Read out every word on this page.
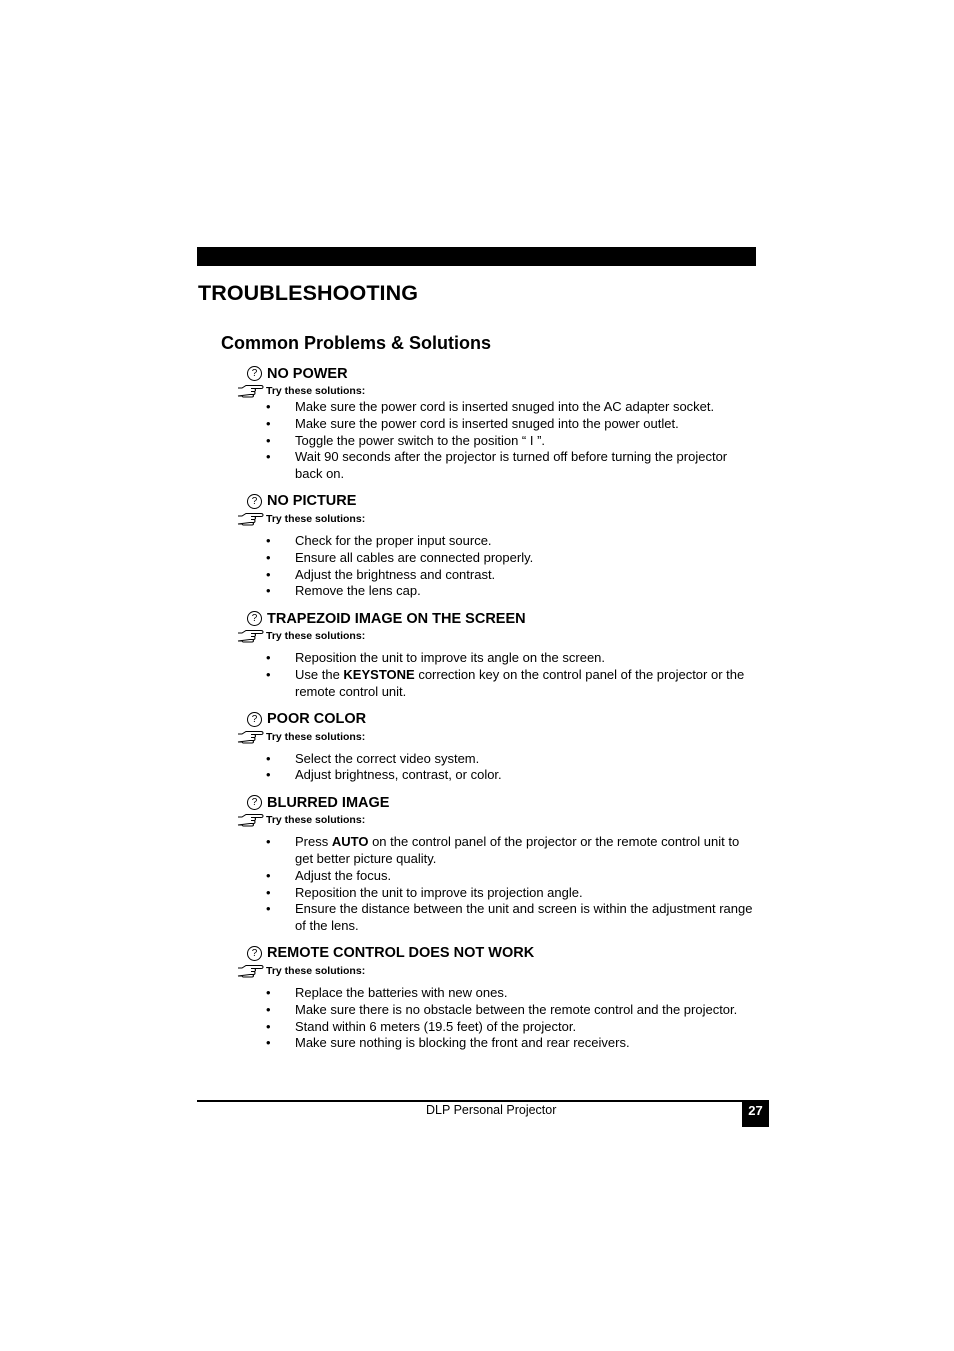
TROUBLESHOOTING
Common Problems & Solutions
? NO POWER
Try these solutions:
• Make sure the power cord is inserted snuged into the AC adapter socket.
• Make sure the power cord is inserted snuged into the power outlet.
• Toggle the power switch to the position “ I ”.
• Wait 90 seconds after the projector is turned off before turning the projector back on.
? NO PICTURE
Try these solutions:
• Check for the proper input source.
• Ensure all cables are connected properly.
• Adjust the brightness and contrast.
• Remove the lens cap.
? TRAPEZOID IMAGE ON THE SCREEN
Try these solutions:
• Reposition the unit to improve its angle on the screen.
• Use the KEYSTONE correction key on the control panel of the projector or the remote control unit.
? POOR COLOR
Try these solutions:
• Select the correct video system.
• Adjust brightness, contrast, or color.
? BLURRED IMAGE
Try these solutions:
• Press AUTO on the control panel of the projector or the remote control unit to get better picture quality.
• Adjust the focus.
• Reposition the unit to improve its projection angle.
• Ensure the distance between the unit and screen is within the adjustment range of the lens.
? REMOTE CONTROL DOES NOT WORK
Try these solutions:
• Replace the batteries with new ones.
• Make sure there is no obstacle between the remote control and the projector.
• Stand within 6 meters (19.5 feet) of the projector.
• Make sure nothing is blocking the front and rear receivers.
DLP Personal Projector	27
